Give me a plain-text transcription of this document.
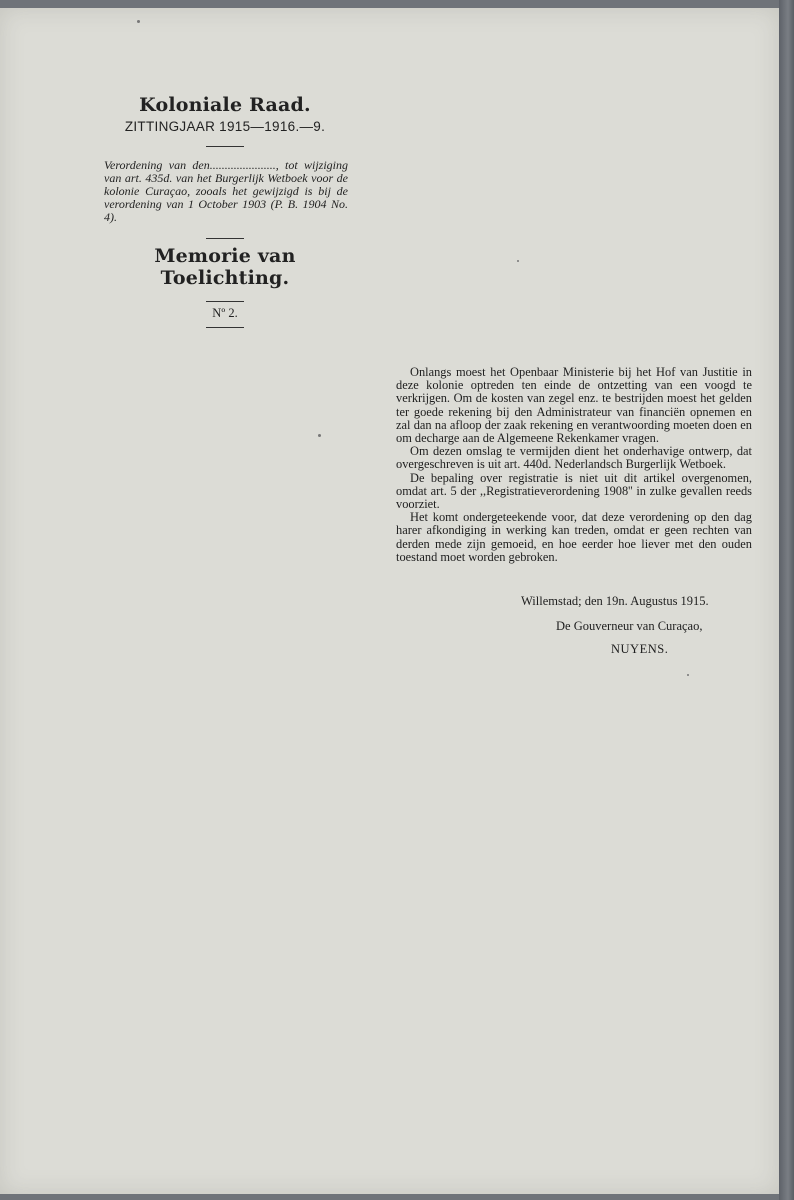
Koloniale Raad.

ZITTINGJAAR 1915—1916.—9.

Verordening van den......................, tot wijziging van art. 435d. van het Burgerlijk Wetboek voor de kolonie Curaçao, zooals het gewijzigd is bij de verordening van 1 October 1903 (P. B. 1904 No. 4).

Memorie van Toelichting.

Nº 2.

Onlangs moest het Openbaar Ministerie bij het Hof van Justitie in deze kolonie optreden ten einde de ontzetting van een voogd te verkrijgen. Om de kosten van zegel enz. te bestrijden moest het gelden ter goede rekening bij den Administrateur van financiën opnemen en zal dan na afloop der zaak rekening en verantwoording moeten doen en om decharge aan de Algemeene Rekenkamer vragen.

Om dezen omslag te vermijden dient het onderhavige ontwerp, dat overgeschreven is uit art. 440d. Nederlandsch Burgerlijk Wetboek.

De bepaling over registratie is niet uit dit artikel overgenomen, omdat art. 5 der ,,Registratieverordening 1908'' in zulke gevallen reeds voorziet.

Het komt ondergeteekende voor, dat deze verordening op den dag harer afkondiging in werking kan treden, omdat er geen rechten van derden mede zijn gemoeid, en hoe eerder hoe liever met den ouden toestand moet worden gebroken.

Willemstad; den 19n. Augustus 1915.
De Gouverneur van Curaçao,
NUYENS.
